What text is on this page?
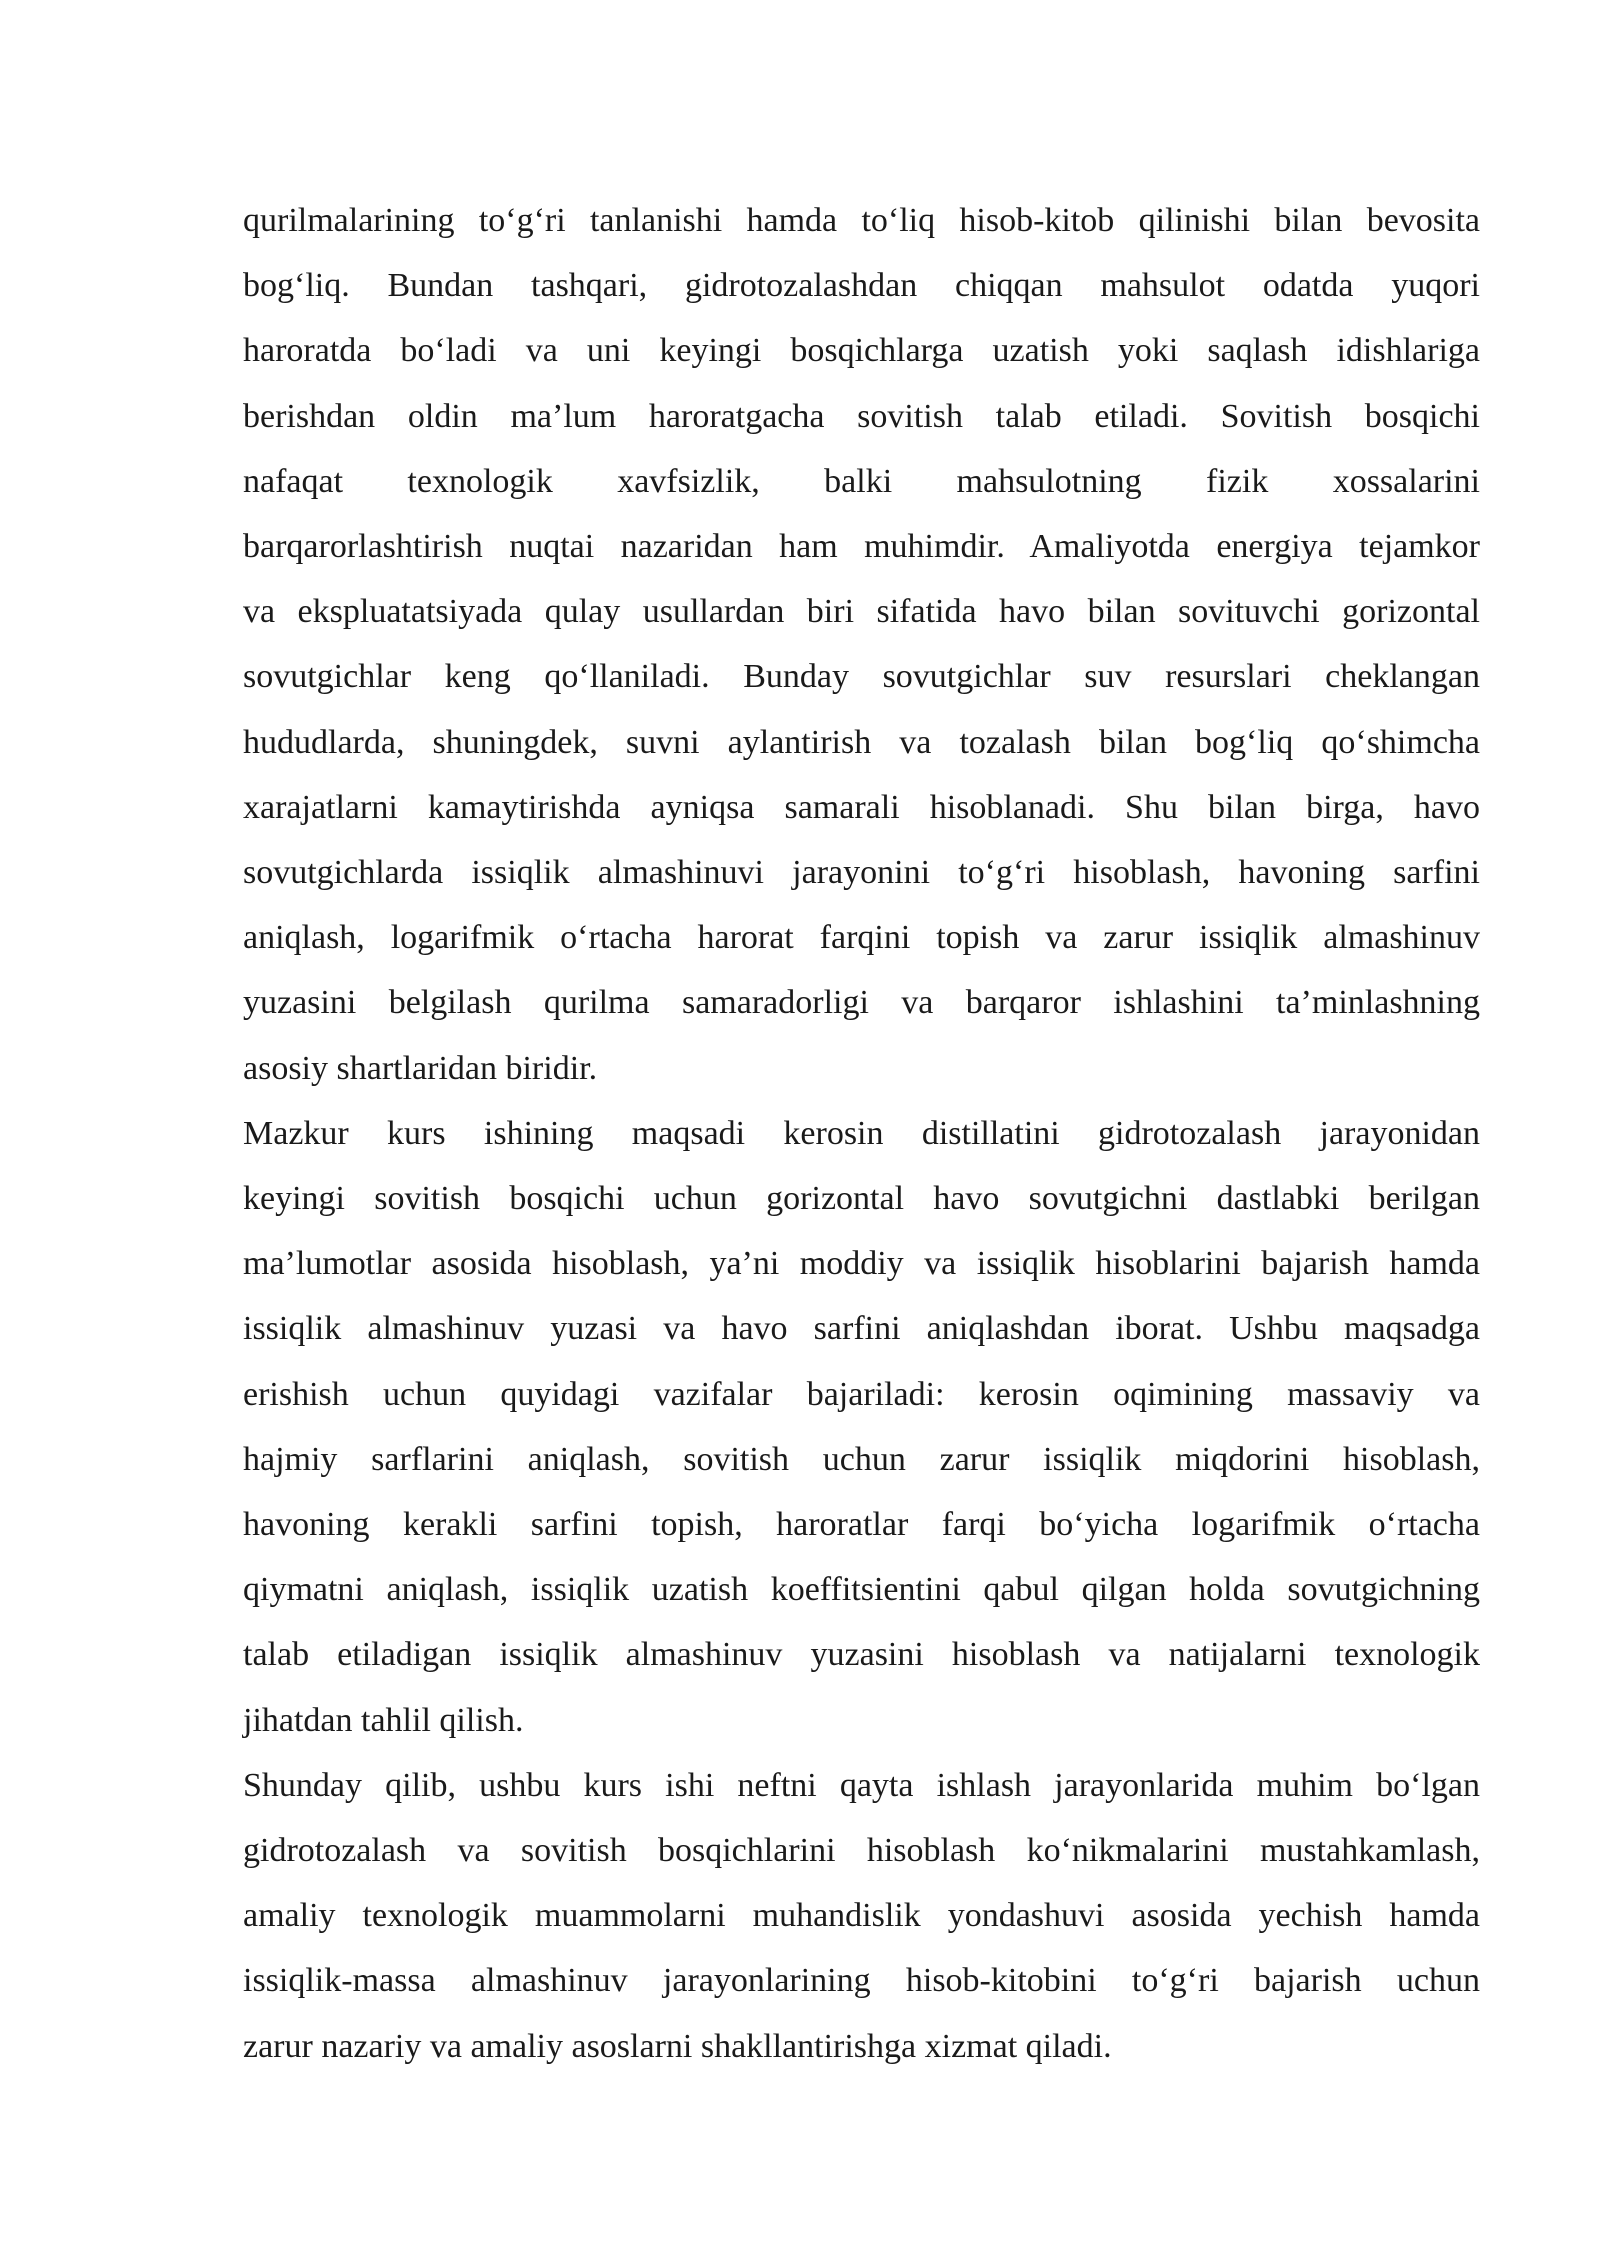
qurilmalarining to‘g‘ri tanlanishi hamda to‘liq hisob-kitob qilinishi bilan bevosita
bog‘liq. Bundan tashqari, gidrotozalashdan chiqqan mahsulot odatda yuqori
haroratda bo‘ladi va uni keyingi bosqichlarga uzatish yoki saqlash idishlariga
berishdan oldin ma’lum haroratgacha sovitish talab etiladi. Sovitish bosqichi
nafaqat texnologik xavfsizlik, balki mahsulotning fizik xossalarini
barqarorlashtirish nuqtai nazaridan ham muhimdir. Amaliyotda energiya tejamkor
va ekspluatatsiyada qulay usullardan biri sifatida havo bilan sovituvchi gorizontal
sovutgichlar keng qo‘llaniladi. Bunday sovutgichlar suv resurslari cheklangan
hududlarda, shuningdek, suvni aylantirish va tozalash bilan bog‘liq qo‘shimcha
xarajatlarni kamaytirishda ayniqsa samarali hisoblanadi. Shu bilan birga, havo
sovutgichlarda issiqlik almashinuvi jarayonini to‘g‘ri hisoblash, havoning sarfini
aniqlash, logarifmik o‘rtacha harorat farqini topish va zarur issiqlik almashinuv
yuzasini belgilash qurilma samaradorligi va barqaror ishlashini ta’minlashning
asosiy shartlaridan biridir.

Mazkur kurs ishining maqsadi kerosin distillatini gidrotozalash jarayonidan
keyingi sovitish bosqichi uchun gorizontal havo sovutgichni dastlabki berilgan
ma’lumotlar asosida hisoblash, ya’ni moddiy va issiqlik hisoblarini bajarish hamda
issiqlik almashinuv yuzasi va havo sarfini aniqlashdan iborat. Ushbu maqsadga
erishish uchun quyidagi vazifalar bajariladi: kerosin oqimining massaviy va
hajmiy sarflarini aniqlash, sovitish uchun zarur issiqlik miqdorini hisoblash,
havoning kerakli sarfini topish, haroratlar farqi bo‘yicha logarifmik o‘rtacha
qiymatni aniqlash, issiqlik uzatish koeffitsientini qabul qilgan holda sovutgichning
talab etiladigan issiqlik almashinuv yuzasini hisoblash va natijalarni texnologik
jihatdan tahlil qilish.

Shunday qilib, ushbu kurs ishi neftni qayta ishlash jarayonlarida muhim bo‘lgan
gidrotozalash va sovitish bosqichlarini hisoblash ko‘nikmalarini mustahkamlash,
amaliy texnologik muammolarni muhandislik yondashuvi asosida yechish hamda
issiqlik-massa almashinuv jarayonlarining hisob-kitobini to‘g‘ri bajarish uchun
zarur nazariy va amaliy asoslarni shakllantirishga xizmat qiladi.
